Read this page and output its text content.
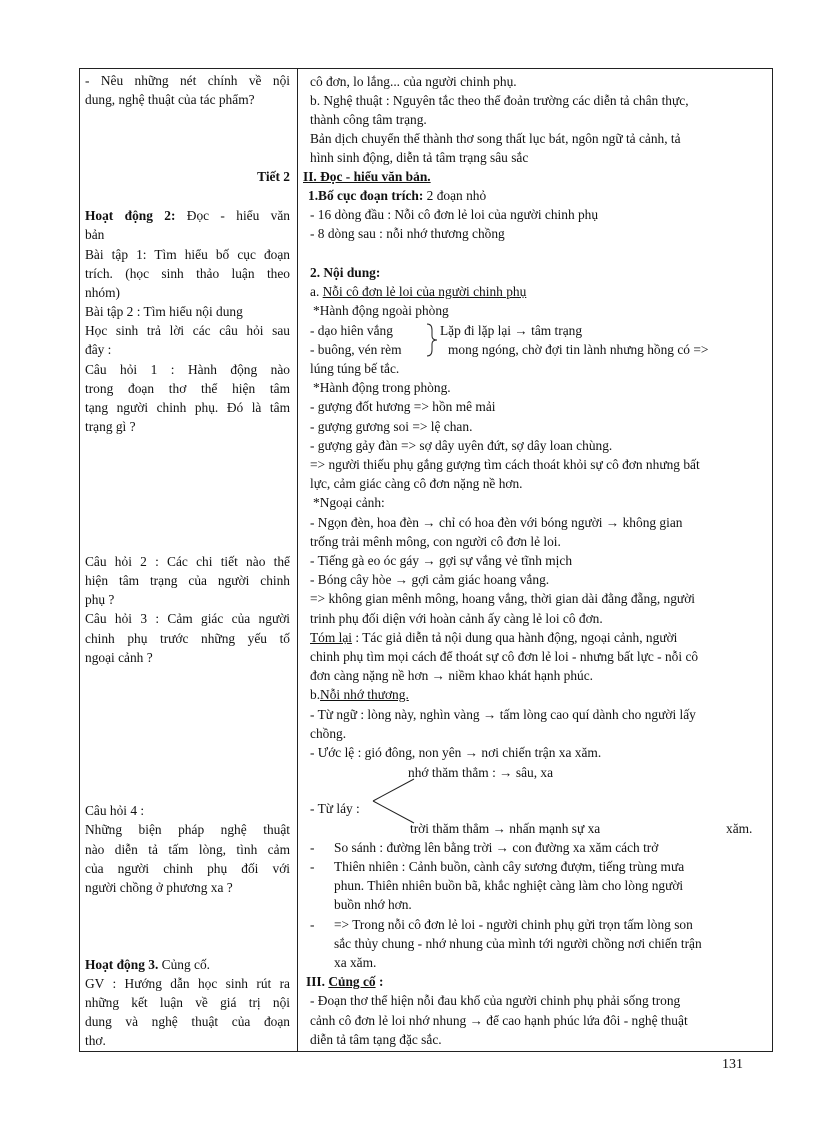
- Nêu những nét chính về nội
dung, nghệ thuật của tác phẩm?
Tiết 2
Hoạt động 2: Đọc - hiểu văn
bản
Bài tập 1: Tìm hiểu bố cục đoạn
trích. (học sinh thảo luận theo
nhóm)
Bài tập 2 : Tìm hiểu nội dung
Học sinh trả lời các câu hỏi sau
đây :
Câu hỏi 1 : Hành động nào
trong đoạn thơ thể hiện tâm
tạng người chinh phụ. Đó là tâm
trạng gì ?
Câu hỏi 2 : Các chi tiết nào thể
hiện tâm trạng của người chinh
phụ ?
Câu hỏi 3 : Cảm giác của người
chinh phụ trước những yếu tố
ngoại cảnh ?
Câu hỏi 4 :
Những biện pháp nghệ thuật
nào diễn tả tấm lòng, tình cảm
của người chinh phụ đối với
người chồng ở phương xa ?
Hoạt động 3. Củng cố.
GV : Hướng dẫn học sinh rút ra
những kết luận về giá trị nội
dung và nghệ thuật của đoạn
thơ.
cô đơn, lo lắng... của người chinh phụ.
b. Nghệ thuật : Nguyên tắc theo thể đoản trường các diễn tả chân thực,
thành công tâm trạng.
Bản dịch chuyển thể thành thơ song thất lục bát, ngôn ngữ tả cảnh, tả
hình sinh động, diễn tả tâm trạng sâu sắc
II. Đọc - hiểu văn bản.
1.Bố cục đoạn trích: 2 đoạn nhỏ
- 16 dòng đầu : Nỗi cô đơn lẻ loi của người chinh phụ
- 8 dòng sau : nỗi nhớ thương chồng
2. Nội dung:
a. Nỗi cô đơn lẻ loi của người chinh phụ
*Hành động ngoài phòng
- dạo hiên vắng	Lặp đi lặp lại → tâm trạng
- buông, vén rèm	mong ngóng, chờ đợi tin lành nhưng hồng có =>
lúng túng bế tắc.
*Hành động trong phòng.
- gượng đốt hương => hồn mê mải
- gượng gương soi => lệ chan.
- gượng gảy đàn => sợ dây uyên đứt, sợ dây loan chùng.
=> người thiếu phụ gắng gượng tìm cách thoát khỏi sự cô đơn nhưng bất
lực, cảm giác càng cô đơn nặng nề hơn.
*Ngoại cảnh:
- Ngọn đèn, hoa đèn → chỉ có hoa đèn với bóng người → không gian
trống trải mênh mông, con người cô đơn lẻ loi.
- Tiếng gà eo óc gáy → gợi sự vắng vẻ tĩnh mịch
- Bóng cây hòe → gợi cảm giác hoang vắng.
=> không gian mênh mông, hoang vắng, thời gian dài đằng đẵng, người
trinh phụ đối diện với hoàn cảnh ấy càng lẻ loi cô đơn.
Tóm lại : Tác giả diễn tả nội dung qua hành động, ngoại cảnh, người
chinh phụ tìm mọi cách để thoát sự cô đơn lẻ loi - nhưng bất lực - nỗi cô
đơn càng nặng nề hơn → niềm khao khát hạnh phúc.
b.Nỗi nhớ thương.
- Từ ngữ : lòng này, nghìn vàng → tấm lòng cao quí dành cho người lấy
chồng.
- Ước lệ : gió đông, non yên → nơi chiến trận xa xăm.
nhớ thăm thẳm : → sâu, xa
- Từ láy :
trời thăm thẳm → nhấn mạnh sự xa	xăm.
- So sánh : đường lên bằng trời → con đường xa xăm cách trở
- Thiên nhiên : Cảnh buồn, cành cây sương đượm, tiếng trùng mưa
phun. Thiên nhiên buồn bã, khắc nghiệt càng làm cho lòng người
buồn nhớ hơn.
- => Trong nỗi cô đơn lẻ loi - người chinh phụ gửi trọn tấm lòng son
sắc thủy chung - nhớ nhung của mình tới người chồng nơi chiến trận
xa xăm.
III. Củng cố :
- Đoạn thơ thể hiện nỗi đau khổ của người chinh phụ phải sống trong
cảnh cô đơn lẻ loi nhớ nhung → để cao hạnh phúc lứa đôi - nghệ thuật
diễn tả tâm tạng đặc sắc.
131
